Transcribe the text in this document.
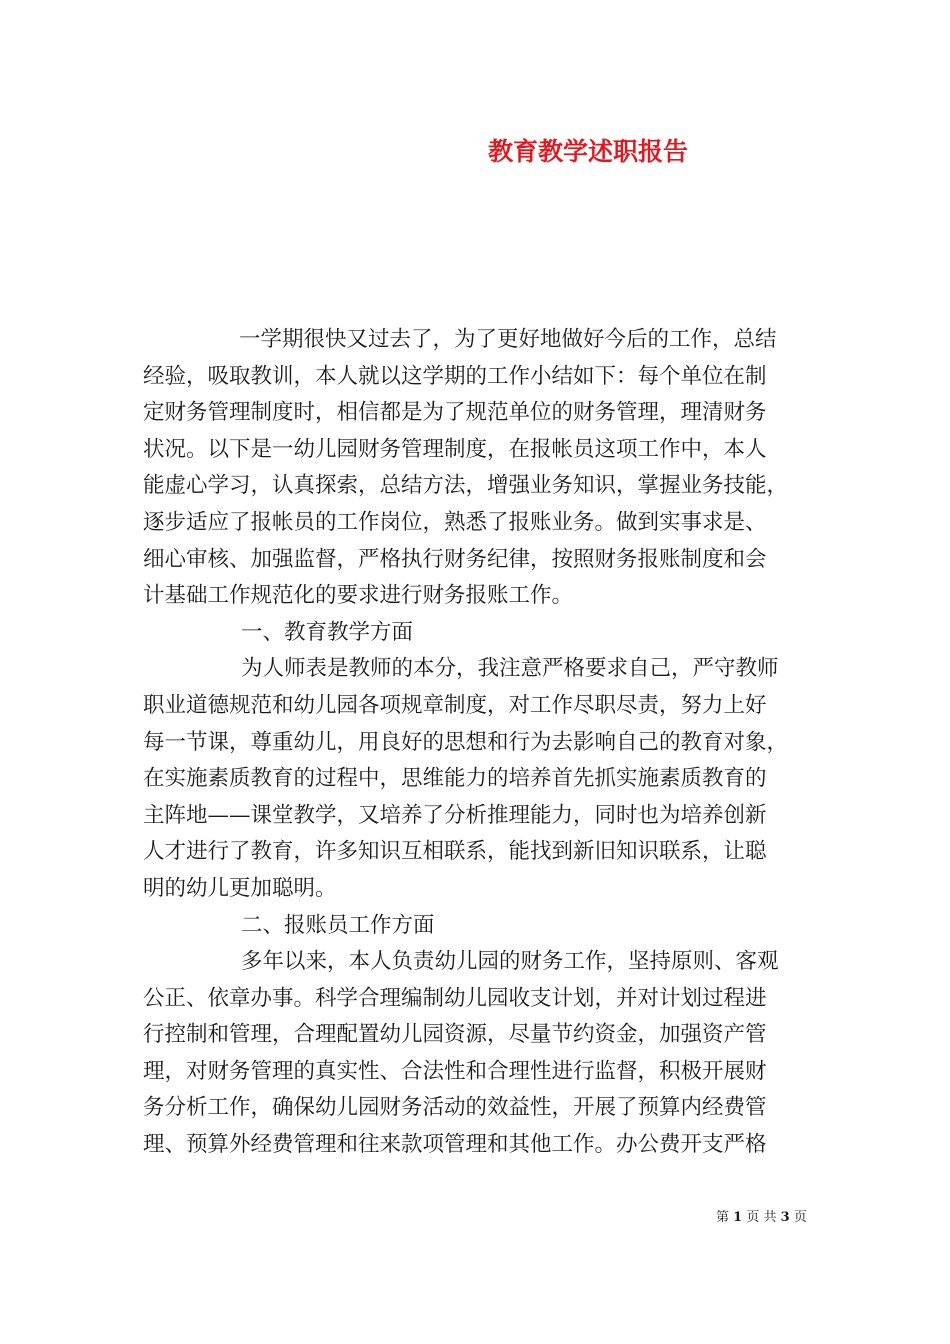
教育教学述职报告
一学期很快又过去了，为了更好地做好今后的工作，总结
经验，吸取教训，本人就以这学期的工作小结如下：每个单位在制
定财务管理制度时，相信都是为了规范单位的财务管理，理清财务
状况。以下是一幼儿园财务管理制度，在报帐员这项工作中，本人
能虚心学习，认真探索，总结方法，增强业务知识，掌握业务技能，
逐步适应了报帐员的工作岗位，熟悉了报账业务。做到实事求是、
细心审核、加强监督，严格执行财务纪律，按照财务报账制度和会
计基础工作规范化的要求进行财务报账工作。
一、教育教学方面
为人师表是教师的本分，我注意严格要求自己，严守教师
职业道德规范和幼儿园各项规章制度，对工作尽职尽责，努力上好
每一节课，尊重幼儿，用良好的思想和行为去影响自己的教育对象，
在实施素质教育的过程中，思维能力的培养首先抓实施素质教育的
主阵地——课堂教学，又培养了分析推理能力，同时也为培养创新
人才进行了教育，许多知识互相联系，能找到新旧知识联系，让聪
明的幼儿更加聪明。
二、报账员工作方面
多年以来，本人负责幼儿园的财务工作，坚持原则、客观
公正、依章办事。科学合理编制幼儿园收支计划，并对计划过程进
行控制和管理，合理配置幼儿园资源，尽量节约资金，加强资产管
理，对财务管理的真实性、合法性和合理性进行监督，积极开展财
务分析工作，确保幼儿园财务活动的效益性，开展了预算内经费管
理、预算外经费管理和往来款项管理和其他工作。办公费开支严格
第 1 页 共 3 页
